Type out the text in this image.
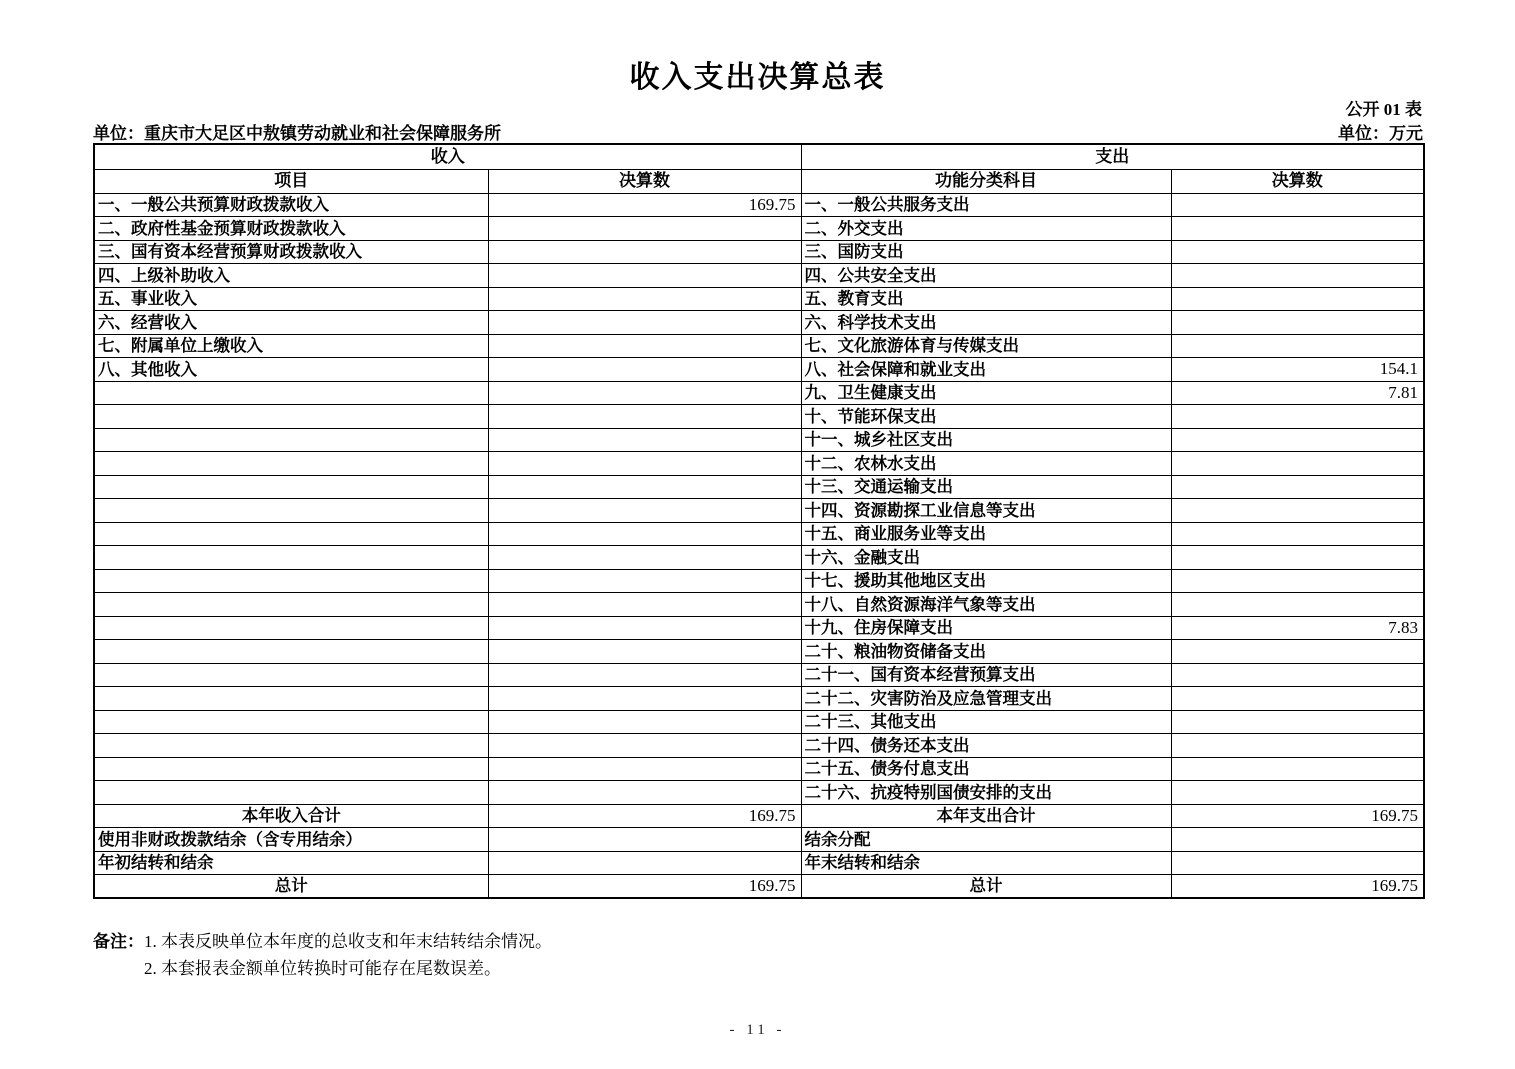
收入支出决算总表
公开 01 表
单位：重庆市大足区中敖镇劳动就业和社会保障服务所	单位：万元
收入		支出	
项目	决算数	功能分类科目	决算数
一、一般公共预算财政拨款收入	169.75	一、一般公共服务支出	
二、政府性基金预算财政拨款收入		二、外交支出	
三、国有资本经营预算财政拨款收入		三、国防支出	
四、上级补助收入		四、公共安全支出	
五、事业收入		五、教育支出	
六、经营收入		六、科学技术支出	
七、附属单位上缴收入		七、文化旅游体育与传媒支出	
八、其他收入		八、社会保障和就业支出	154.1
		九、卫生健康支出	7.81
		十、节能环保支出	
		十一、城乡社区支出	
		十二、农林水支出	
		十三、交通运输支出	
		十四、资源勘探工业信息等支出	
		十五、商业服务业等支出	
		十六、金融支出	
		十七、援助其他地区支出	
		十八、自然资源海洋气象等支出	
		十九、住房保障支出	7.83
		二十、粮油物资储备支出	
		二十一、国有资本经营预算支出	
		二十二、灾害防治及应急管理支出	
		二十三、其他支出	
		二十四、债务还本支出	
		二十五、债务付息支出	
		二十六、抗疫特别国债安排的支出	
本年收入合计	169.75	本年支出合计	169.75
使用非财政拨款结余（含专用结余）		结余分配	
年初结转和结余		年末结转和结余	
总计	169.75	总计	169.75
备注： 1. 本表反映单位本年度的总收支和年末结转结余情况。
2. 本套报表金额单位转换时可能存在尾数误差。
- 11 -
